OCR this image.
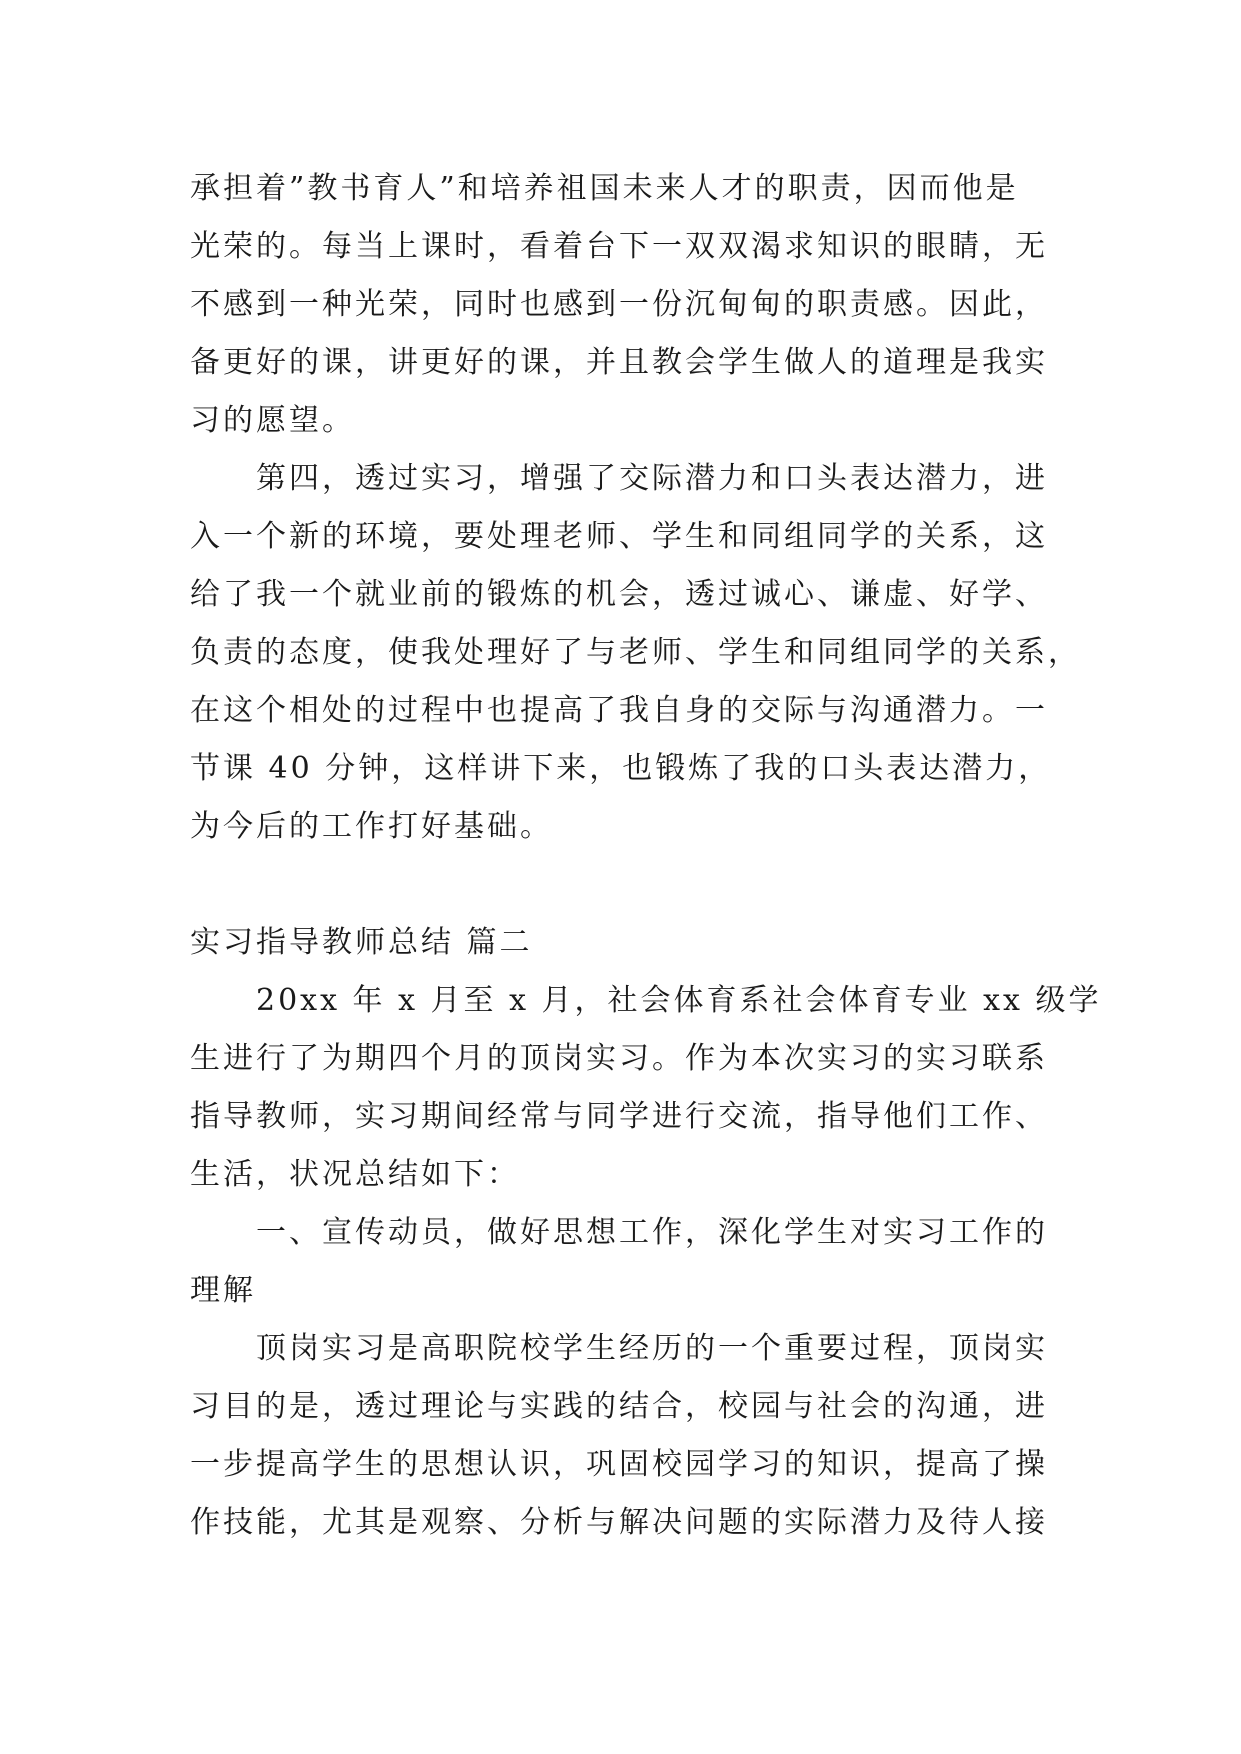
承担着”教书育人”和培养祖国未来人才的职责，因而他是
光荣的。每当上课时，看着台下一双双渴求知识的眼睛，无
不感到一种光荣，同时也感到一份沉甸甸的职责感。因此，
备更好的课，讲更好的课，并且教会学生做人的道理是我实
习的愿望。
第四，透过实习，增强了交际潜力和口头表达潜力，进
入一个新的环境，要处理老师、学生和同组同学的关系，这
给了我一个就业前的锻炼的机会，透过诚心、谦虚、好学、
负责的态度，使我处理好了与老师、学生和同组同学的关系，
在这个相处的过程中也提高了我自身的交际与沟通潜力。一
节课 40 分钟，这样讲下来，也锻炼了我的口头表达潜力，
为今后的工作打好基础。
实习指导教师总结 篇二
20xx 年 x 月至 x 月，社会体育系社会体育专业 xx 级学
生进行了为期四个月的顶岗实习。作为本次实习的实习联系
指导教师，实习期间经常与同学进行交流，指导他们工作、
生活，状况总结如下：
一、宣传动员，做好思想工作，深化学生对实习工作的
理解
顶岗实习是高职院校学生经历的一个重要过程，顶岗实
习目的是，透过理论与实践的结合，校园与社会的沟通，进
一步提高学生的思想认识，巩固校园学习的知识，提高了操
作技能，尤其是观察、分析与解决问题的实际潜力及待人接
